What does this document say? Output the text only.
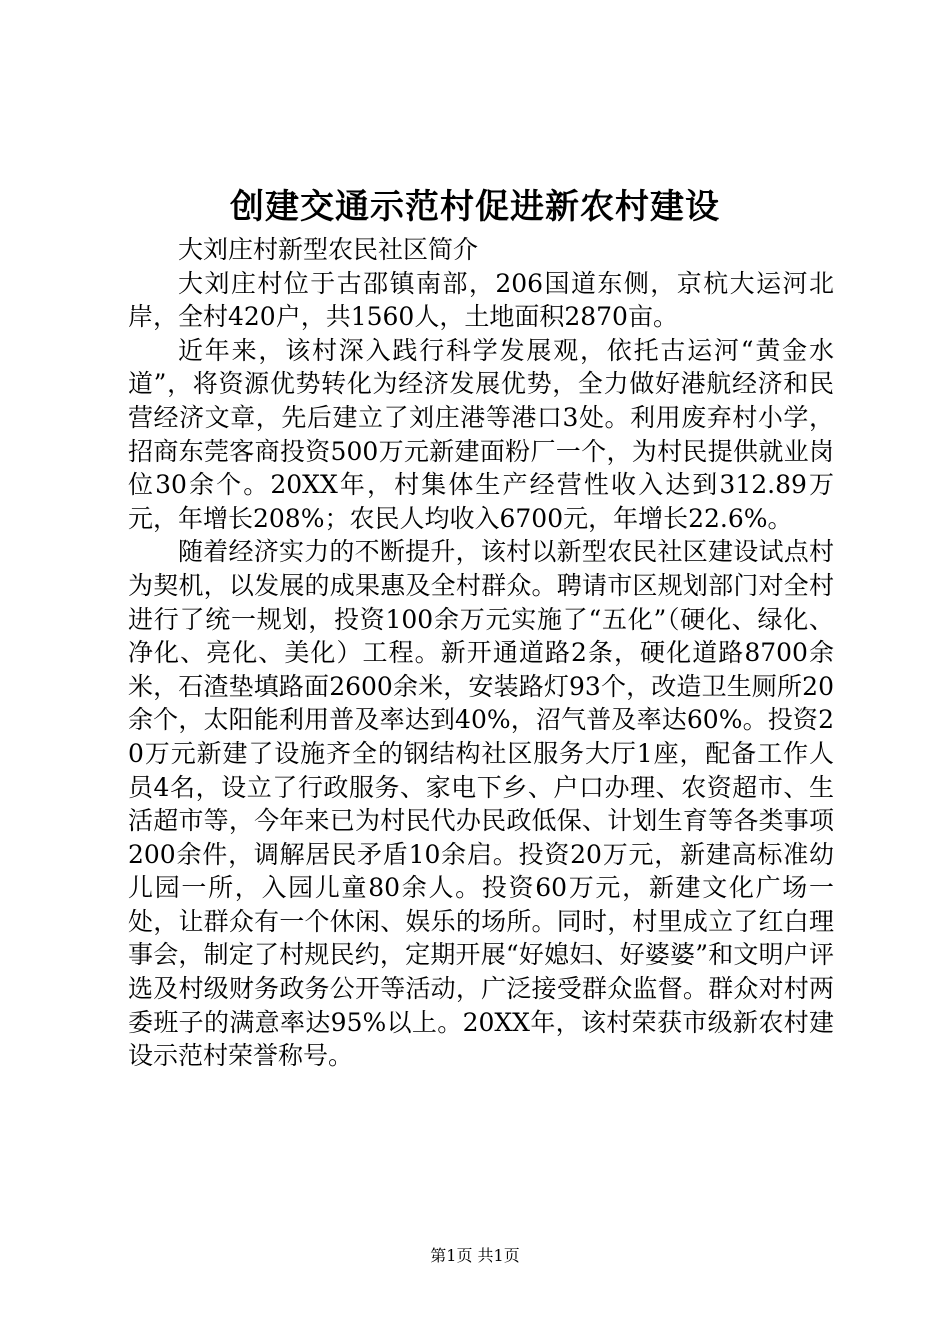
创建交通示范村促进新农村建设

大刘庄村新型农民社区简介

大刘庄村位于古邵镇南部，206国道东侧，京杭大运河北岸，全村420户，共1560人，土地面积2870亩。

近年来，该村深入践行科学发展观，依托古运河“黄金水道”，将资源优势转化为经济发展优势，全力做好港航经济和民营经济文章，先后建立了刘庄港等港口3处。利用废弃村小学，招商东莞客商投资500万元新建面粉厂一个，为村民提供就业岗位30余个。20XX年，村集体生产经营性收入达到312.89万元，年增长208%；农民人均收入6700元，年增长22.6%。

随着经济实力的不断提升，该村以新型农民社区建设试点村为契机，以发展的成果惠及全村群众。聘请市区规划部门对全村进行了统一规划，投资100余万元实施了“五化”（硬化、绿化、净化、亮化、美化）工程。新开通道路2条，硬化道路8700余米，石渣垫填路面2600余米，安装路灯93个，改造卫生厕所20余个，太阳能利用普及率达到40%，沼气普及率达60%。投资20万元新建了设施齐全的钢结构社区服务大厅1座，配备工作人员4名，设立了行政服务、家电下乡、户口办理、农资超市、生活超市等，今年来已为村民代办民政低保、计划生育等各类事项200余件，调解居民矛盾10余启。投资20万元，新建高标准幼儿园一所，入园儿童80余人。投资60万元，新建文化广场一处，让群众有一个休闲、娱乐的场所。同时，村里成立了红白理事会，制定了村规民约，定期开展“好媳妇、好婆婆”和文明户评选及村级财务政务公开等活动，广泛接受群众监督。群众对村两委班子的满意率达95%以上。20XX年，该村荣获市级新农村建设示范村荣誉称号。

第1页 共1页
